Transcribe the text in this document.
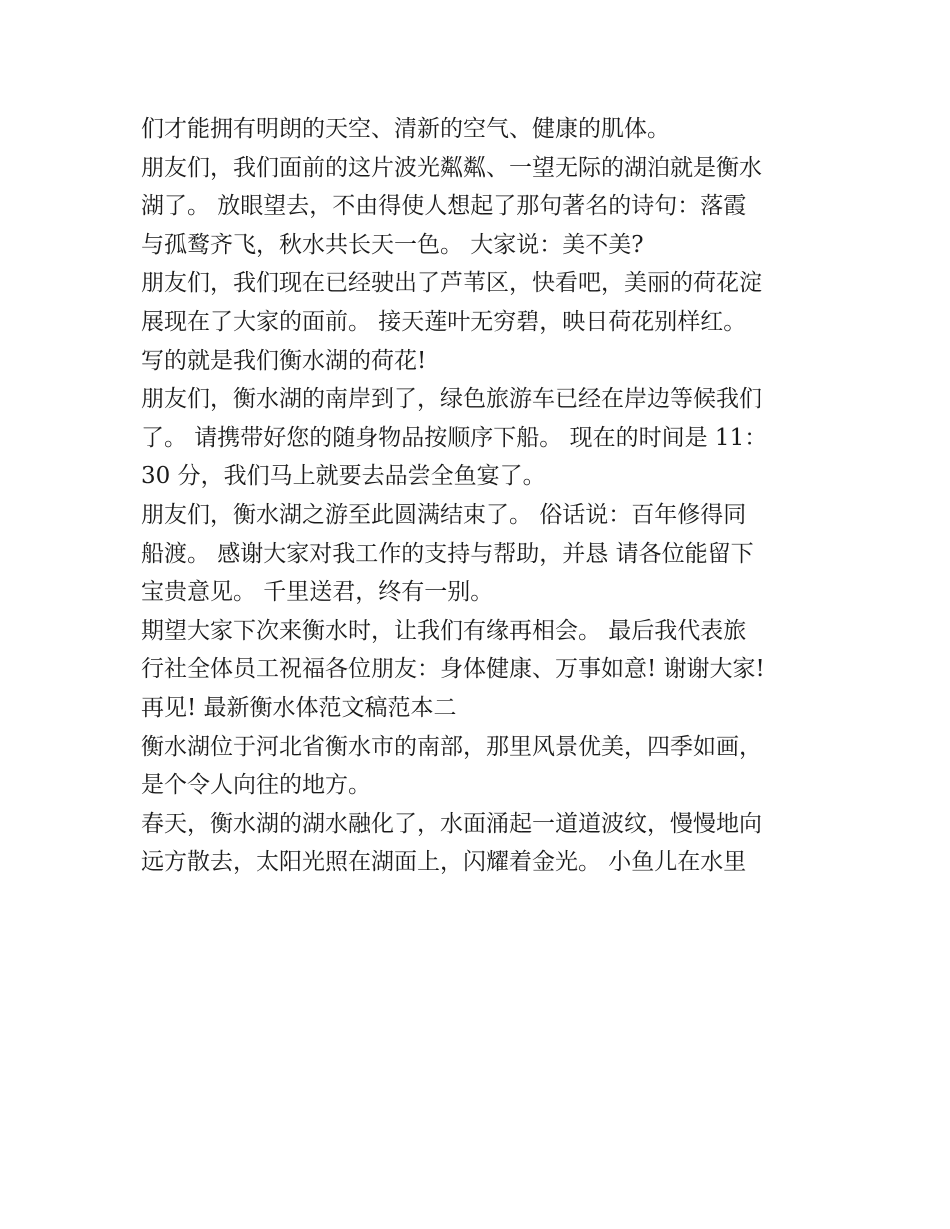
们才能拥有明朗的天空、清新的空气、健康的肌体。
朋友们，我们面前的这片波光粼粼、一望无际的湖泊就是衡水
湖了。 放眼望去，不由得使人想起了那句著名的诗句：落霞
与孤鹜齐飞，秋水共长天一色。 大家说：美不美?
朋友们，我们现在已经驶出了芦苇区，快看吧，美丽的荷花淀
展现在了大家的面前。 接天莲叶无穷碧，映日荷花别样红。
写的就是我们衡水湖的荷花!
朋友们，衡水湖的南岸到了，绿色旅游车已经在岸边等候我们
了。 请携带好您的随身物品按顺序下船。 现在的时间是 11：
30 分，我们马上就要去品尝全鱼宴了。
朋友们，衡水湖之游至此圆满结束了。 俗话说：百年修得同
船渡。 感谢大家对我工作的支持与帮助，并恳 请各位能留下
宝贵意见。 千里送君，终有一别。
期望大家下次来衡水时，让我们有缘再相会。 最后我代表旅
行社全体员工祝福各位朋友：身体健康、万事如意! 谢谢大家!
再见! 最新衡水体范文稿范本二
衡水湖位于河北省衡水市的南部，那里风景优美，四季如画，
是个令人向往的地方。
春天，衡水湖的湖水融化了，水面涌起一道道波纹，慢慢地向
远方散去，太阳光照在湖面上，闪耀着金光。 小鱼儿在水里
